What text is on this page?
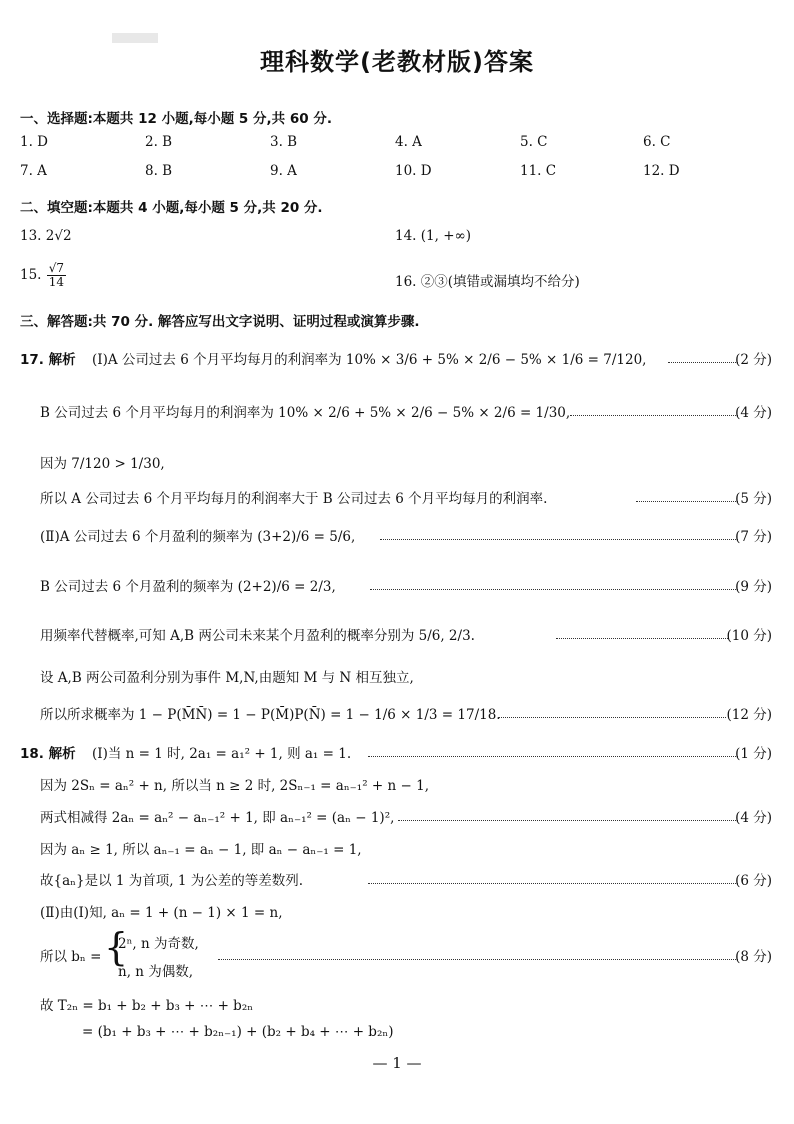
理科数学(老教材版)答案
一、选择题:本题共 12 小题,每小题 5 分,共 60 分.
1. D	2. B	3. B	4. A	5. C	6. C
7. A	8. B	9. A	10. D	11. C	12. D
二、填空题:本题共 4 小题,每小题 5 分,共 20 分.
13. 2√2	14. (1, +∞)
15. $\frac{√7}{14}$	16. ②③(填错或漏填均不给分)
三、解答题:共 70 分. 解答应写出文字说明、证明过程或演算步骤.
17. 解析 (Ⅰ)A 公司过去 6 个月平均每月的利润率为 10% × 3/6 + 5% × 2/6 − 5% × 1/6 = 7/120,	(2 分)
B 公司过去 6 个月平均每月的利润率为 10% × 2/6 + 5% × 2/6 − 5% × 2/6 = 1/30,	(4 分)
因为 7/120 > 1/30,
所以 A 公司过去 6 个月平均每月的利润率大于 B 公司过去 6 个月平均每月的利润率.	(5 分)
(Ⅱ)A 公司过去 6 个月盈利的频率为 (3+2)/6 = 5/6,	(7 分)
B 公司过去 6 个月盈利的频率为 (2+2)/6 = 2/3,	(9 分)
用频率代替概率,可知 A,B 两公司未来某个月盈利的概率分别为 5/6, 2/3.	(10 分)
设 A,B 两公司盈利分别为事件 M,N,由题知 M 与 N 相互独立,
所以所求概率为 1 − P(M̄N̄) = 1 − P(M̄)P(N̄) = 1 − 1/6 × 1/3 = 17/18.	(12 分)
18. 解析 (Ⅰ)当 n = 1 时, 2a₁ = a₁² + 1, 则 a₁ = 1.	(1 分)
因为 2Sₙ = aₙ² + n, 所以当 n ≥ 2 时, 2Sₙ₋₁ = aₙ₋₁² + n − 1,
两式相减得 2aₙ = aₙ² − aₙ₋₁² + 1, 即 aₙ₋₁² = (aₙ − 1)²,	(4 分)
因为 aₙ ≥ 1, 所以 aₙ₋₁ = aₙ − 1, 即 aₙ − aₙ₋₁ = 1,
故{aₙ}是以 1 为首项, 1 为公差的等差数列.	(6 分)
(Ⅱ)由(Ⅰ)知, aₙ = 1 + (n − 1) × 1 = n,
所以 bₙ = {
2ⁿ, n 为奇数,
n, n 为偶数,
(8 分)
故 T₂ₙ = b₁ + b₂ + b₃ + ⋯ + b₂ₙ
= (b₁ + b₃ + ⋯ + b₂ₙ₋₁) + (b₂ + b₄ + ⋯ + b₂ₙ)
— 1 —
